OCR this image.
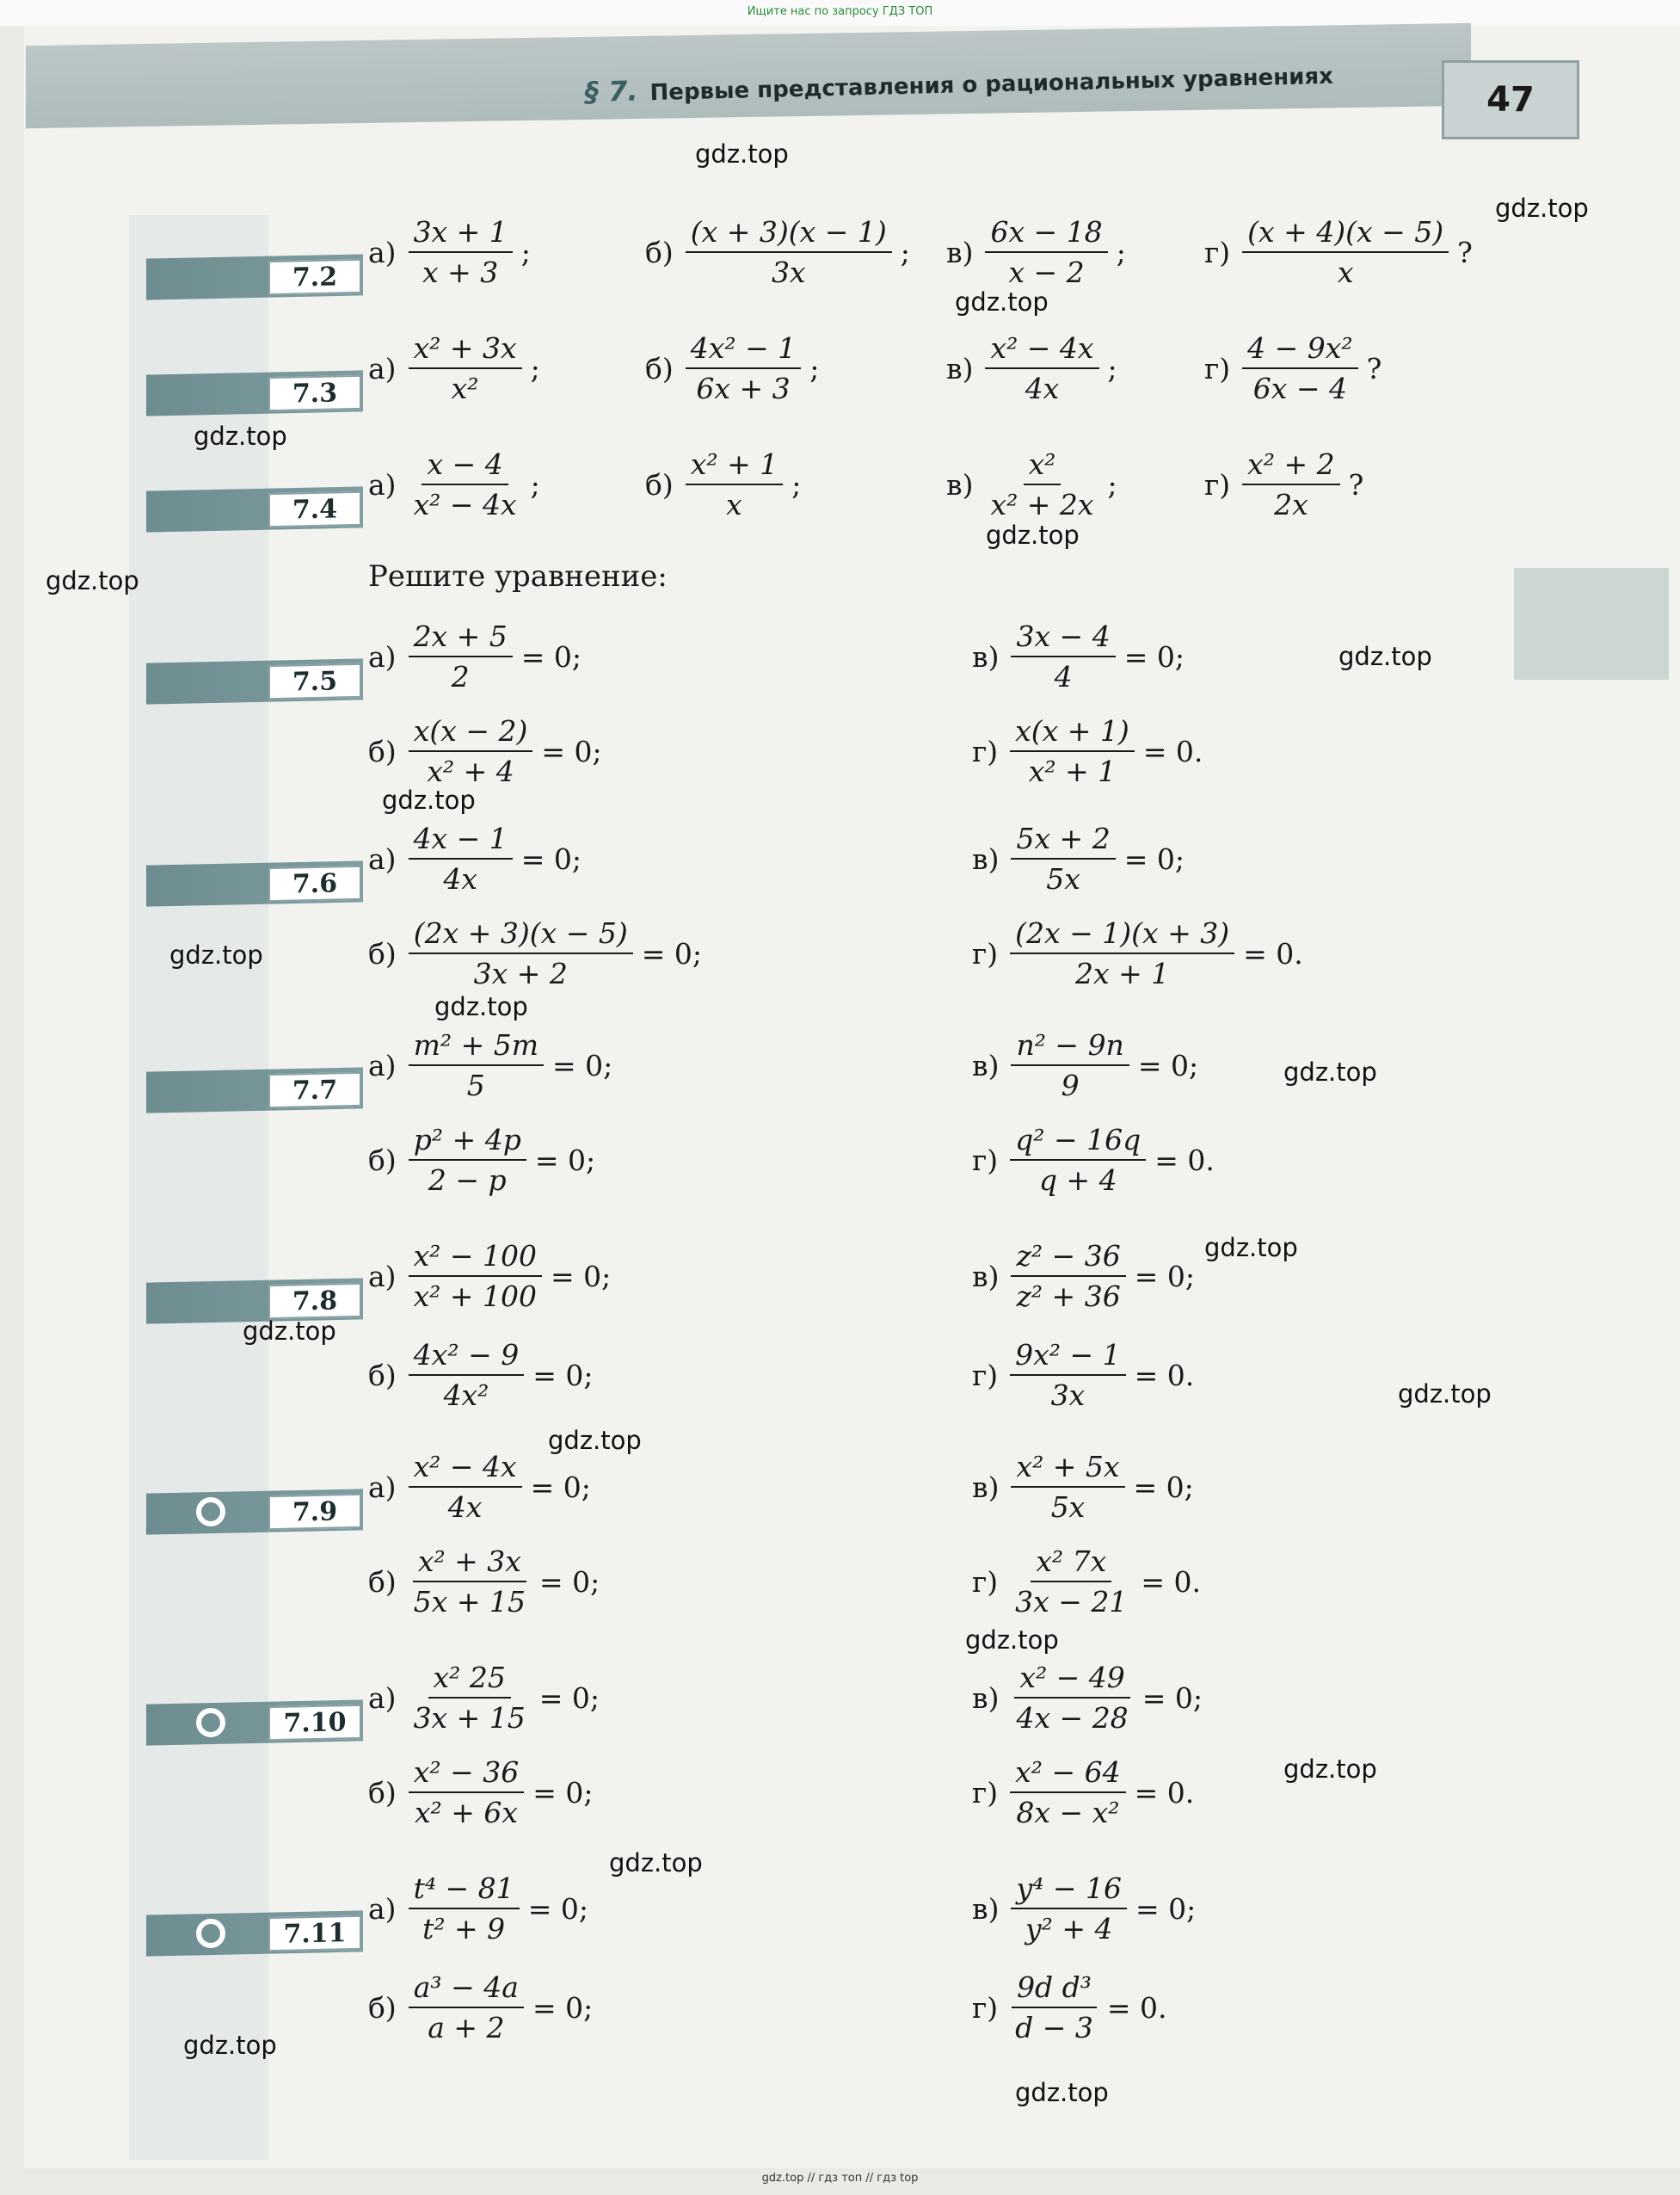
Ищите нас по запросу ГДЗ ТОП
§ 7. Первые представления о рациональных уравнениях	47
Решите уравнение:
7.2
$а) \frac{3x + 1}{x + 3}$ ;	$б) \frac{(x + 3)(x - 1)}{3x}$ ; $в) \frac{6x - 18}{x - 2}$ ;	$г) \frac{(x + 4)(x - 5)}{x}$ ?
7.3
$а) \frac{\text{x² + 3x}}{\text{x²}}$ ;	$б) \frac{\text{4x² − 1}}{6x + 3}$ ;	$в) \frac{\text{x² − 4x}}{4x}$ ;	$г) \frac{\text{4 − 9x²}}{6x - 4}$ ?
7.4
$а) \frac{x - 4}{\text{x² − 4x}}$ ;	$б) \frac{\text{x² + 1}}{x}$ ;	$в) \frac{\text{x²}}{\text{x² + 2x}}$ ;	$г) \frac{\text{x² + 2}}{2x}$ ?
7.5
$а) \frac{2x + 5}{2} = 0$;	$в) \frac{3x - 4}{4} = 0$;
$б) \frac{x(x - 2)}{\text{x² + 4}} = 0$;	$г) \frac{x(x + 1)}{\text{x² + 1}} = 0$.
7.6
$а) \frac{4x - 1}{4x} = 0$;	$в) \frac{5x + 2}{5x} = 0$;
$б) \frac{(2x + 3)(x - 5)}{3x + 2} = 0$;	$г) \frac{(2x - 1)(x + 3)}{2x + 1} = 0$.
7.7
$а) \frac{\text{m² + 5m}}{5} = 0$;	$в) \frac{\text{n² − 9n}}{9} = 0$;
$б) \frac{\text{p² + 4p}}{2 - p} = 0$;	$г) \frac{\text{q² − 16q}}{q + 4} = 0$.
7.8
$а) \frac{\text{x² − 100}}{\text{x² + 100}} = 0$;	$в) \frac{\text{z² − 36}}{\text{z² + 36}} = 0$;
$б) \frac{\text{4x² − 9}}{\text{4x²}} = 0$;	$г) \frac{\text{9x² − 1}}{3x} = 0$.
7.9
$а) \frac{\text{x² − 4x}}{4x} = 0$;	$в) \frac{\text{x² + 5x}}{5x} = 0$;
$б) \frac{\text{x² + 3x}}{5x + 15} = 0$;	$г) \frac{\text{x² 7x}}{3x - 21} = 0$.
7.10
$а) \frac{\text{x² 25}}{3x + 15} = 0$;	$в) \frac{\text{x² − 49}}{4x - 28} = 0$;
$б) \frac{\text{x² − 36}}{\text{x² + 6x}} = 0$;	$г) \frac{\text{x² − 64}}{\text{8x − x²}} = 0$.
7.11
$а) \frac{\text{t⁴ − 81}}{\text{t² + 9}} = 0$;	$в) \frac{\text{y⁴ − 16}}{\text{y² + 4}} = 0$;
$б) \frac{\text{a³ − 4a}}{a + 2} = 0$;	$г) \frac{\text{9d d³}}{d - 3} = 0$.
gdz.top
gdz.top
gdz.top
gdz.top
gdz.top
gdz.top
gdz.top
gdz.top
gdz.top
gdz.top
gdz.top
gdz.top
gdz.top
gdz.top
gdz.top
gdz.top
gdz.top
gdz.top
gdz.top
gdz.top
gdz.top // гдз топ // гдз top
